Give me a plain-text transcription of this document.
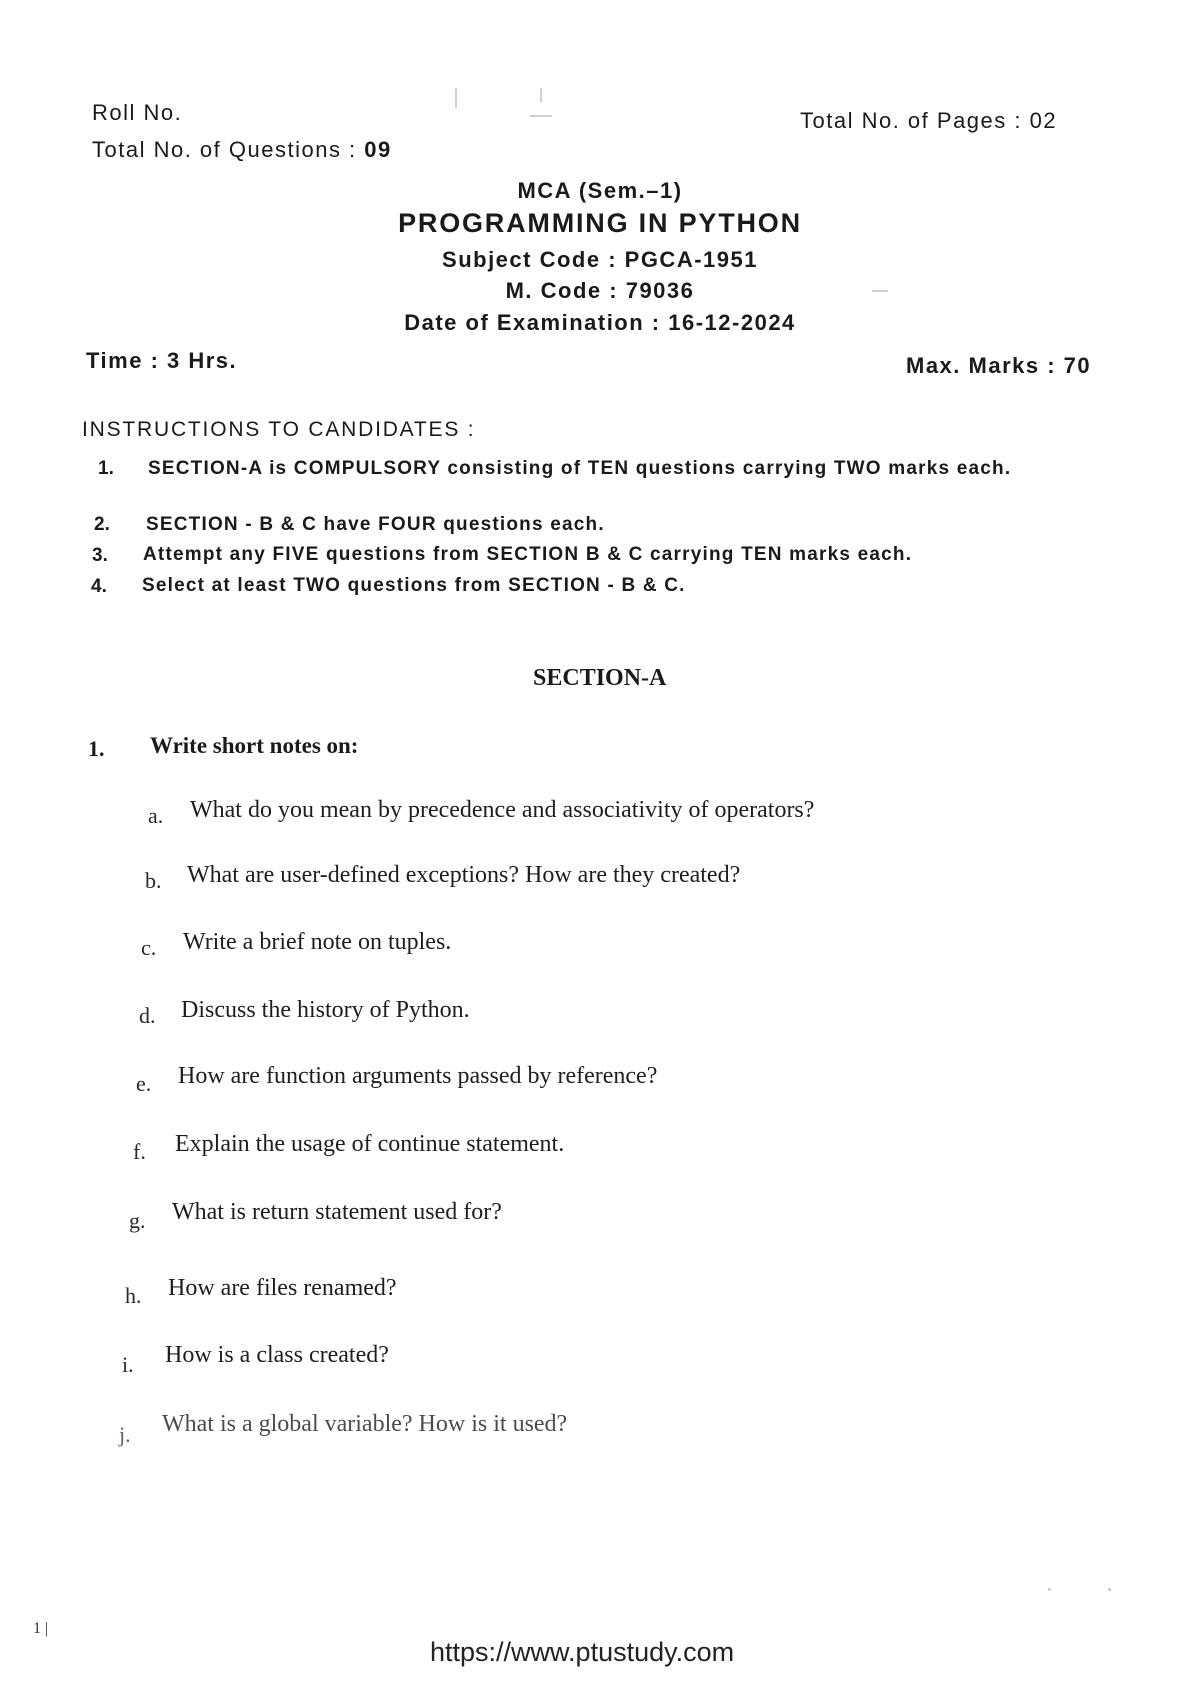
Roll No.	Total No. of Pages : 02
Total No. of Questions : 09
MCA (Sem.–1)
PROGRAMMING IN PYTHON
Subject Code : PGCA-1951
M. Code : 79036
Date of Examination : 16-12-2024
Time : 3 Hrs.	Max. Marks : 70
INSTRUCTIONS TO CANDIDATES :
1. SECTION-A is COMPULSORY consisting of TEN questions carrying TWO marks each.
2. SECTION - B & C have FOUR questions each.
3. Attempt any FIVE questions from SECTION B & C carrying TEN marks each.
4. Select at least TWO questions from SECTION - B & C.
SECTION-A
1. Write short notes on:
a. What do you mean by precedence and associativity of operators?
b. What are user-defined exceptions? How are they created?
c. Write a brief note on tuples.
d. Discuss the history of Python.
e. How are function arguments passed by reference?
f. Explain the usage of continue statement.
g. What is return statement used for?
h. How are files renamed?
i. How is a class created?
j. What is a global variable? How is it used?
1 |
https://www.ptustudy.com
